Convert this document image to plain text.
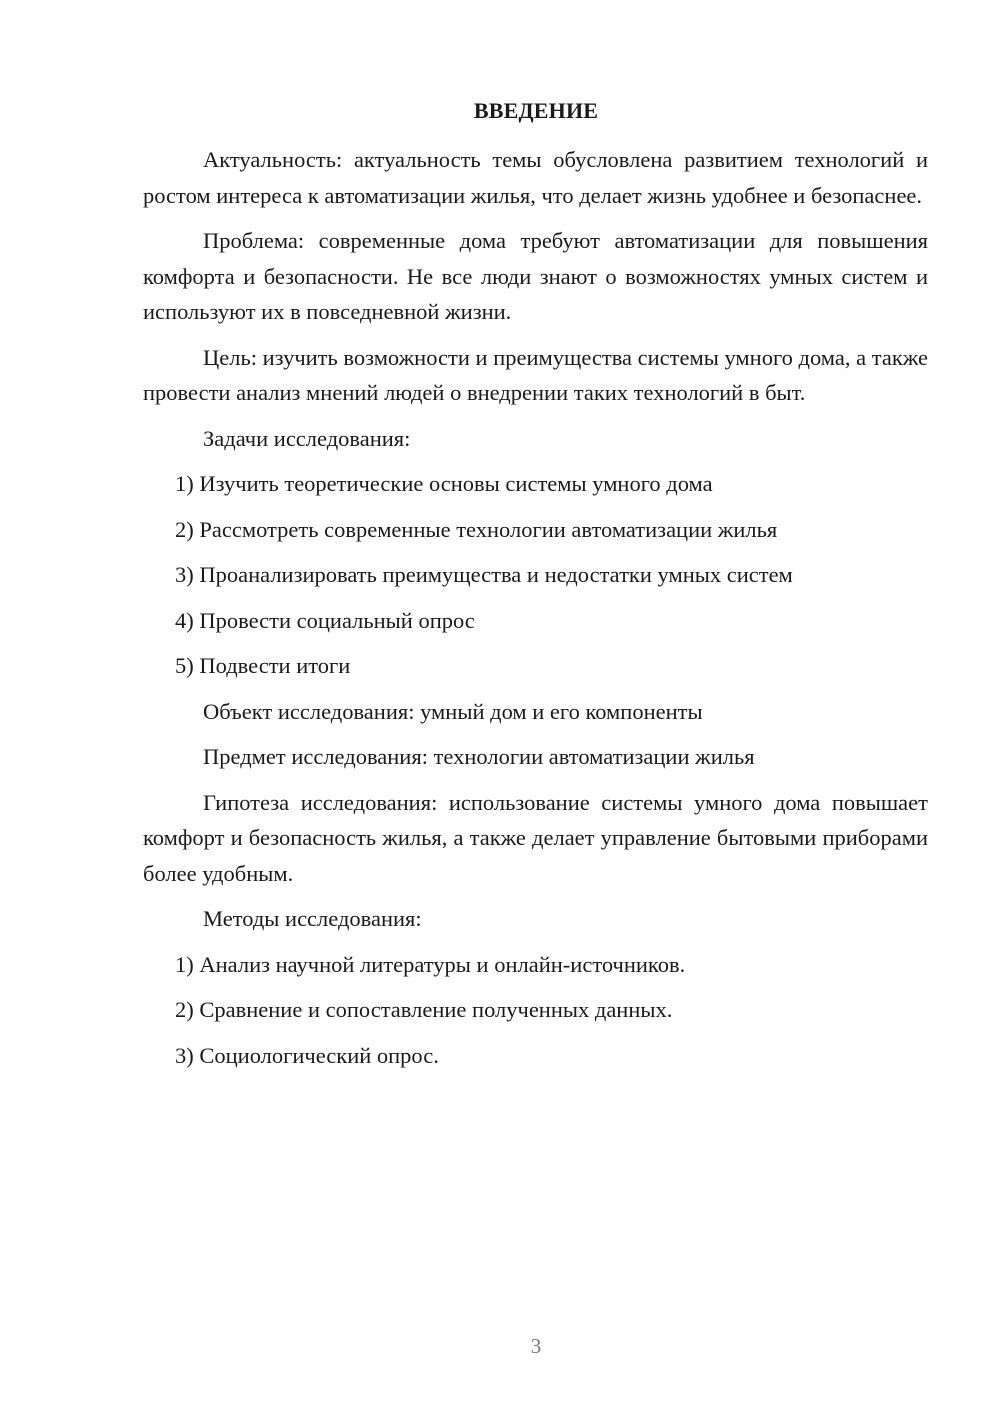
ВВЕДЕНИЕ

Актуальность: актуальность темы обусловлена развитием технологий и ростом интереса к автоматизации жилья, что делает жизнь удобнее и безопаснее.

Проблема: современные дома требуют автоматизации для повышения комфорта и безопасности. Не все люди знают о возможностях умных систем и используют их в повседневной жизни.

Цель: изучить возможности и преимущества системы умного дома, а также провести анализ мнений людей о внедрении таких технологий в быт.

Задачи исследования:
1) Изучить теоретические основы системы умного дома
2) Рассмотреть современные технологии автоматизации жилья
3) Проанализировать преимущества и недостатки умных систем
4) Провести социальный опрос
5) Подвести итоги
Объект исследования: умный дом и его компоненты
Предмет исследования: технологии автоматизации жилья

Гипотеза исследования: использование системы умного дома повышает комфорт и безопасность жилья, а также делает управление бытовыми приборами более удобным.

Методы исследования:
1) Анализ научной литературы и онлайн-источников.
2) Сравнение и сопоставление полученных данных.
3) Социологический опрос.
3
